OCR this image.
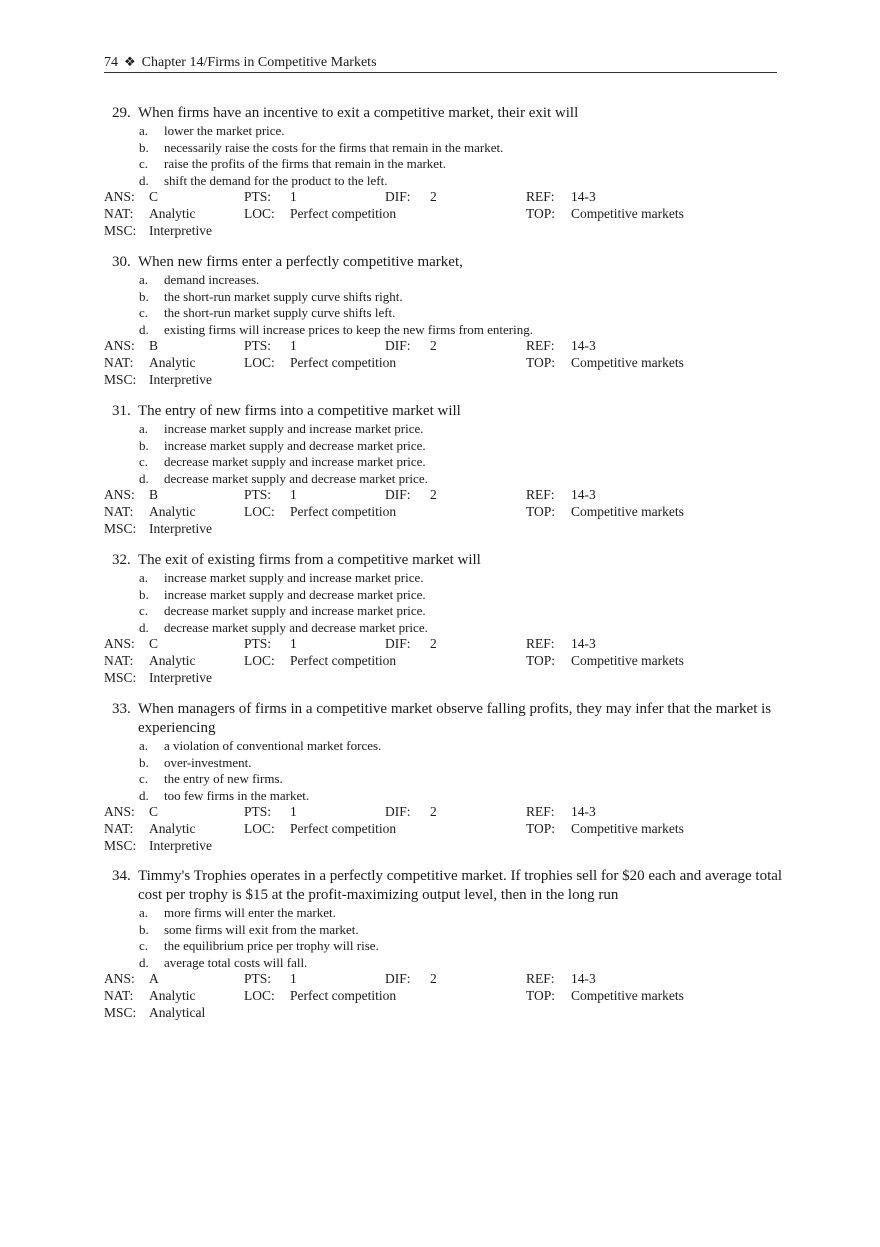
74 ❖ Chapter 14/Firms in Competitive Markets
29. When firms have an incentive to exit a competitive market, their exit will
a. lower the market price.
b. necessarily raise the costs for the firms that remain in the market.
c. raise the profits of the firms that remain in the market.
d. shift the demand for the product to the left.
ANS: C	PTS: 1	DIF: 2	REF: 14-3
NAT: Analytic	LOC: Perfect competition	TOP: Competitive markets
MSC: Interpretive
30. When new firms enter a perfectly competitive market,
a. demand increases.
b. the short-run market supply curve shifts right.
c. the short-run market supply curve shifts left.
d. existing firms will increase prices to keep the new firms from entering.
ANS: B	PTS: 1	DIF: 2	REF: 14-3
NAT: Analytic	LOC: Perfect competition	TOP: Competitive markets
MSC: Interpretive
31. The entry of new firms into a competitive market will
a. increase market supply and increase market price.
b. increase market supply and decrease market price.
c. decrease market supply and increase market price.
d. decrease market supply and decrease market price.
ANS: B	PTS: 1	DIF: 2	REF: 14-3
NAT: Analytic	LOC: Perfect competition	TOP: Competitive markets
MSC: Interpretive
32. The exit of existing firms from a competitive market will
a. increase market supply and increase market price.
b. increase market supply and decrease market price.
c. decrease market supply and increase market price.
d. decrease market supply and decrease market price.
ANS: C	PTS: 1	DIF: 2	REF: 14-3
NAT: Analytic	LOC: Perfect competition	TOP: Competitive markets
MSC: Interpretive
33. When managers of firms in a competitive market observe falling profits, they may infer that the market is experiencing
a. a violation of conventional market forces.
b. over-investment.
c. the entry of new firms.
d. too few firms in the market.
ANS: C	PTS: 1	DIF: 2	REF: 14-3
NAT: Analytic	LOC: Perfect competition	TOP: Competitive markets
MSC: Interpretive
34. Timmy's Trophies operates in a perfectly competitive market. If trophies sell for $20 each and average total cost per trophy is $15 at the profit-maximizing output level, then in the long run
a. more firms will enter the market.
b. some firms will exit from the market.
c. the equilibrium price per trophy will rise.
d. average total costs will fall.
ANS: A	PTS: 1	DIF: 2	REF: 14-3
NAT: Analytic	LOC: Perfect competition	TOP: Competitive markets
MSC: Analytical
